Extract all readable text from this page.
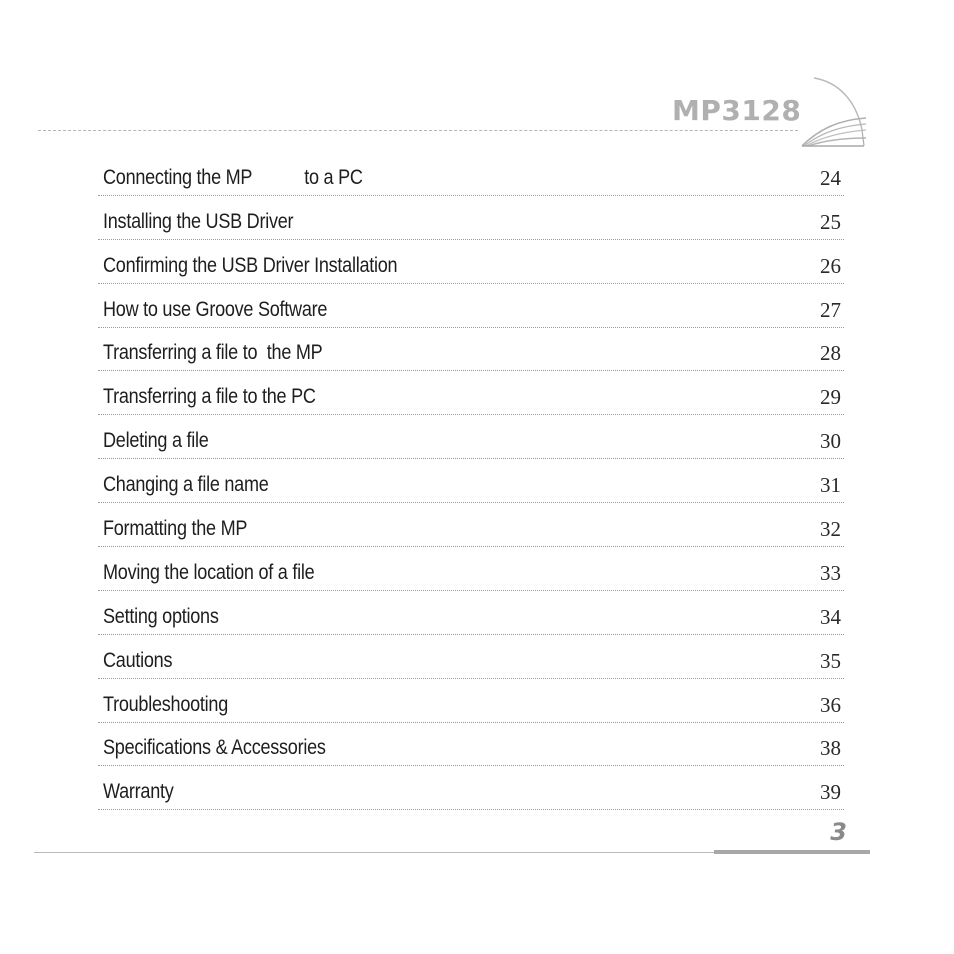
MP3128
Connecting the MP           to a PC	24
Installing the USB Driver	25
Confirming the USB Driver Installation	26
How to use Groove Software	27
Transferring a file to  the MP	28
Transferring a file to the PC	29
Deleting a file	30
Changing a file name	31
Formatting the MP	32
Moving the location of a file	33
Setting options	34
Cautions	35
Troubleshooting	36
Specifications & Accessories	38
Warranty	39
3
